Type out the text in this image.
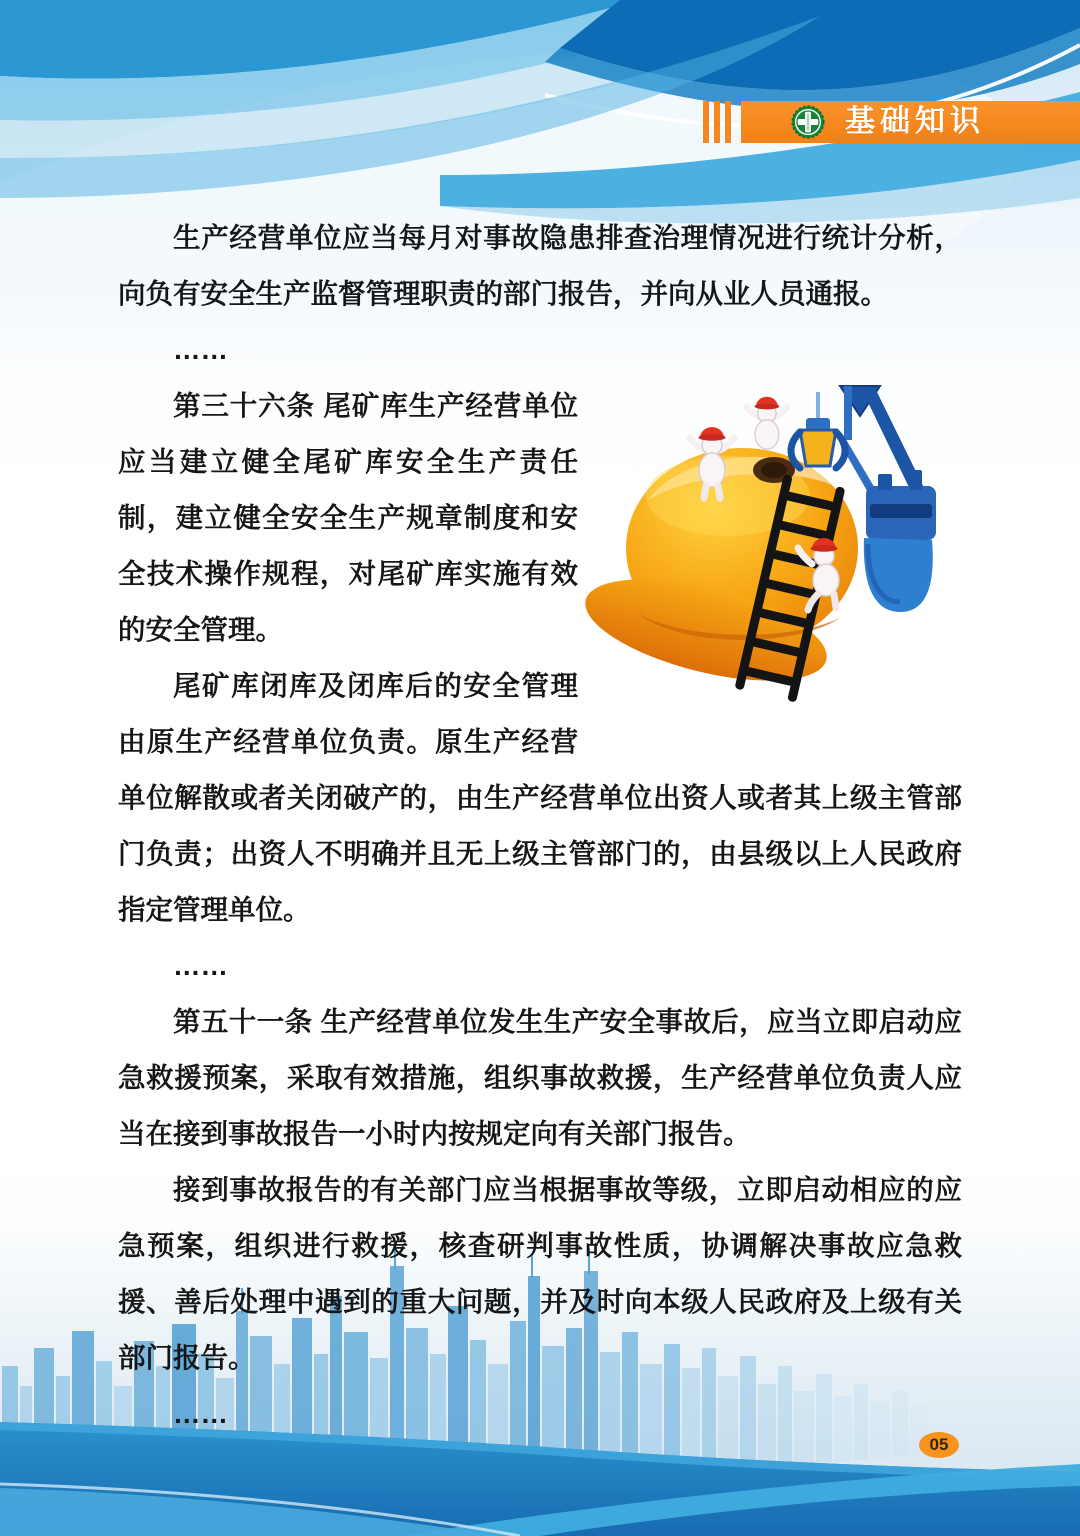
基础知识

生产经营单位应当每月对事故隐患排查治理情况进行统计分析，向负有安全生产监督管理职责的部门报告，并向从业人员通报。

……

第三十六条 尾矿库生产经营单位应当建立健全尾矿库安全生产责任制，建立健全安全生产规章制度和安全技术操作规程，对尾矿库实施有效的安全管理。

尾矿库闭库及闭库后的安全管理由原生产经营单位负责。原生产经营单位解散或者关闭破产的，由生产经营单位出资人或者其上级主管部门负责；出资人不明确并且无上级主管部门的，由县级以上人民政府指定管理单位。

……

第五十一条 生产经营单位发生生产安全事故后，应当立即启动应急救援预案，采取有效措施，组织事故救援，生产经营单位负责人应当在接到事故报告一小时内按规定向有关部门报告。

接到事故报告的有关部门应当根据事故等级，立即启动相应的应急预案，组织进行救援，核查研判事故性质，协调解决事故应急救援、善后处理中遇到的重大问题，并及时向本级人民政府及上级有关部门报告。

……

05
